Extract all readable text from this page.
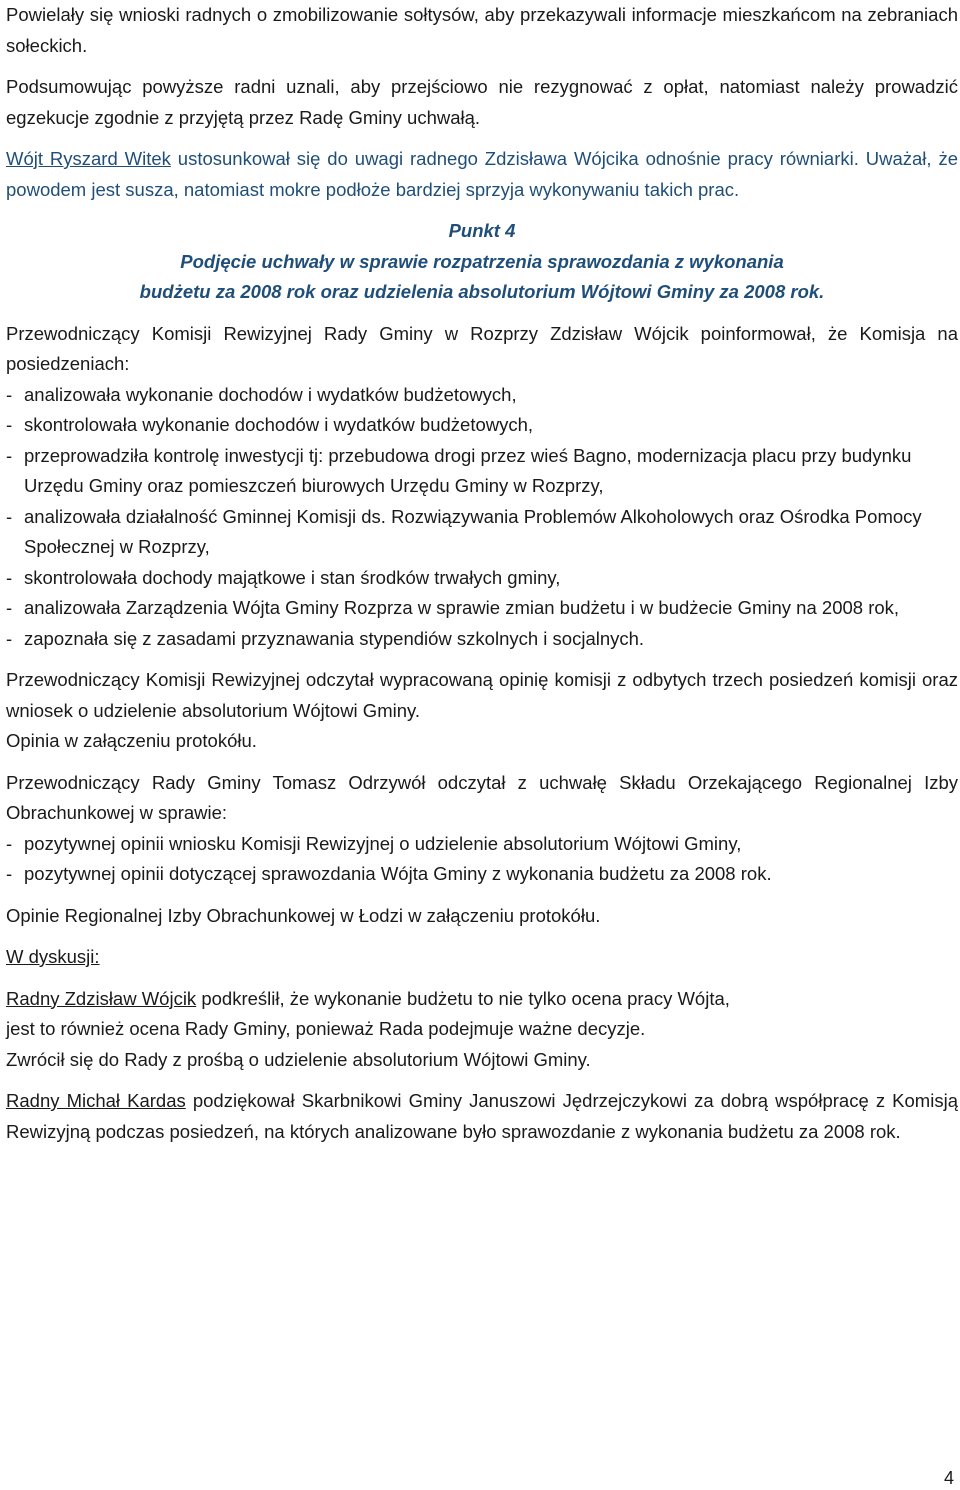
Powielały się wnioski radnych o zmobilizowanie sołtysów, aby przekazywali informacje mieszkańcom na zebraniach sołeckich.

Podsumowując powyższe radni uznali, aby przejściowo nie rezygnować z opłat, natomiast należy prowadzić egzekucje zgodnie z przyjętą przez Radę Gminy uchwałą.

Wójt Ryszard Witek ustosunkował się do uwagi radnego Zdzisława Wójcika odnośnie pracy równiarki. Uważał, że powodem jest susza, natomiast mokre podłoże bardziej sprzyja wykonywaniu takich prac.

Punkt 4

Podjęcie uchwały w sprawie rozpatrzenia sprawozdania z wykonania

budżetu za 2008 rok oraz udzielenia absolutorium Wójtowi Gminy za 2008 rok.

Przewodniczący Komisji Rewizyjnej Rady Gminy w Rozprzy Zdzisław Wójcik poinformował, że Komisja na posiedzeniach:

- analizowała wykonanie dochodów i wydatków budżetowych,
- skontrolowała wykonanie dochodów i wydatków budżetowych,
- przeprowadziła kontrolę inwestycji tj: przebudowa drogi przez wieś Bagno, modernizacja placu przy budynku Urzędu Gminy oraz pomieszczeń biurowych Urzędu Gminy w Rozprzy,
- analizowała działalność Gminnej Komisji ds. Rozwiązywania Problemów Alkoholowych oraz Ośrodka Pomocy Społecznej w Rozprzy,
- skontrolowała dochody majątkowe i stan środków trwałych gminy,
- analizowała Zarządzenia Wójta Gminy Rozprza w sprawie zmian budżetu i w budżecie Gminy na 2008 rok,
- zapoznała się z zasadami przyznawania stypendiów szkolnych i socjalnych.

Przewodniczący Komisji Rewizyjnej odczytał wypracowaną opinię komisji z odbytych trzech posiedzeń komisji oraz wniosek o udzielenie absolutorium Wójtowi Gminy.

Opinia w załączeniu protokółu.

Przewodniczący Rady Gminy Tomasz Odrzywół odczytał z uchwałę Składu Orzekającego Regionalnej Izby Obrachunkowej w sprawie:

- pozytywnej opinii wniosku Komisji Rewizyjnej o udzielenie absolutorium Wójtowi Gminy,
- pozytywnej opinii dotyczącej sprawozdania Wójta Gminy z wykonania budżetu za 2008 rok.

Opinie Regionalnej Izby Obrachunkowej w Łodzi w załączeniu protokółu.

W dyskusji:

Radny Zdzisław Wójcik podkreślił, że wykonanie budżetu to nie tylko ocena pracy Wójta,

jest to również ocena Rady Gminy, ponieważ Rada podejmuje ważne decyzje.

Zwrócił się do Rady z prośbą o udzielenie absolutorium Wójtowi Gminy.

Radny Michał Kardas podziękował Skarbnikowi Gminy Januszowi Jędrzejczykowi za dobrą współpracę z Komisją Rewizyjną podczas posiedzeń, na których analizowane było sprawozdanie z wykonania budżetu za 2008 rok.

4
